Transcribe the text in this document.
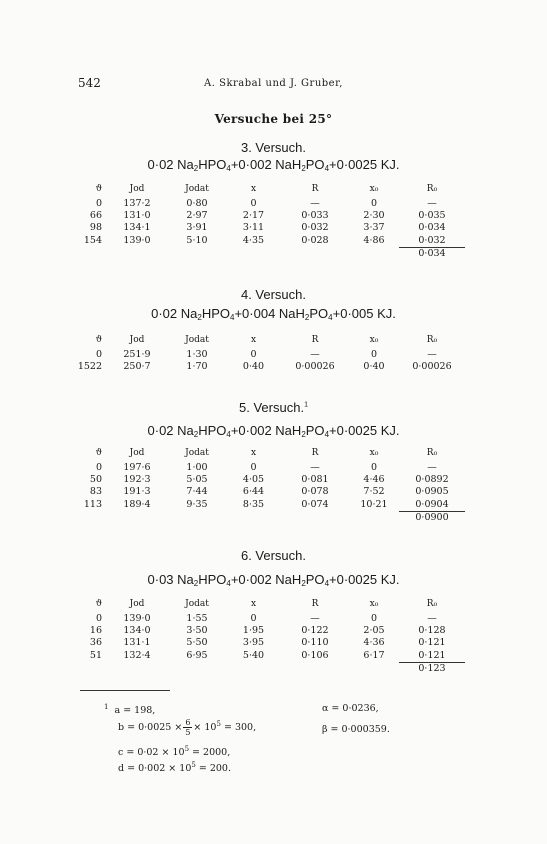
542	A. Skrabal und J. Gruber,
Versuche bei 25°
3. Versuch.
0·02 $Na_2HPO_4+0\cdot 002$ $NaH_2PO_4+0\cdot 0025$ KJ.
ϑ	Jod	Jodat	x	R	x₀	R₀
0	137·2	0·80	0	—	0	—
66	131·0	2·97	2·17	0·033	2·30	0·035
98	134·1	3·91	3·11	0·032	3·37	0·034
154	139·0	5·10	4·35	0·028	4·86	0·032
						0·034
4. Versuch.
0·02 $Na_2HPO_4+0\cdot 004$ $NaH_2PO_4+0\cdot 005$ KJ.
ϑ	Jod	Jodat	x	R	x₀	R₀
0	251·9	1·30	0	—	0	—
1522	250·7	1·70	0·40	0·00026	0·40	0·00026
5. Versuch.$^1$
0·02 $Na_2HPO_4+0\cdot 002$ $NaH_2PO_4+0\cdot 0025$ KJ.
ϑ	Jod	Jodat	x	R	x₀	R₀
0	197·6	1·00	0	—	0	—
50	192·3	5·05	4·05	0·081	4·46	0·0892
83	191·3	7·44	6·44	0·078	7·52	0·0905
113	189·4	9·35	8·35	0·074	10·21	0·0904
						0·0900
6. Versuch.
0·03 $Na_2HPO_4+0\cdot 002$ $NaH_2PO_4+0\cdot 0025$ KJ.
ϑ	Jod	Jodat	x	R	x₀	R₀
0	139·0	1·55	0	—	0	—
16	134·0	3·50	1·95	0·122	2·05	0·128
36	131·1	5·50	3·95	0·110	4·36	0·121
51	132·4	6·95	5·40	0·106	6·17	0·121
						0·123
$^1$ a = 198,	α = 0·0236,
$b = 0\cdot 0025 \times \frac{6}{5} \times 10^5 = 300$,	β = 0·000359.
$c = 0\cdot 02 \times 10^5 = 2000$,
$d = 0\cdot 002 \times 10^5 = 200$.
